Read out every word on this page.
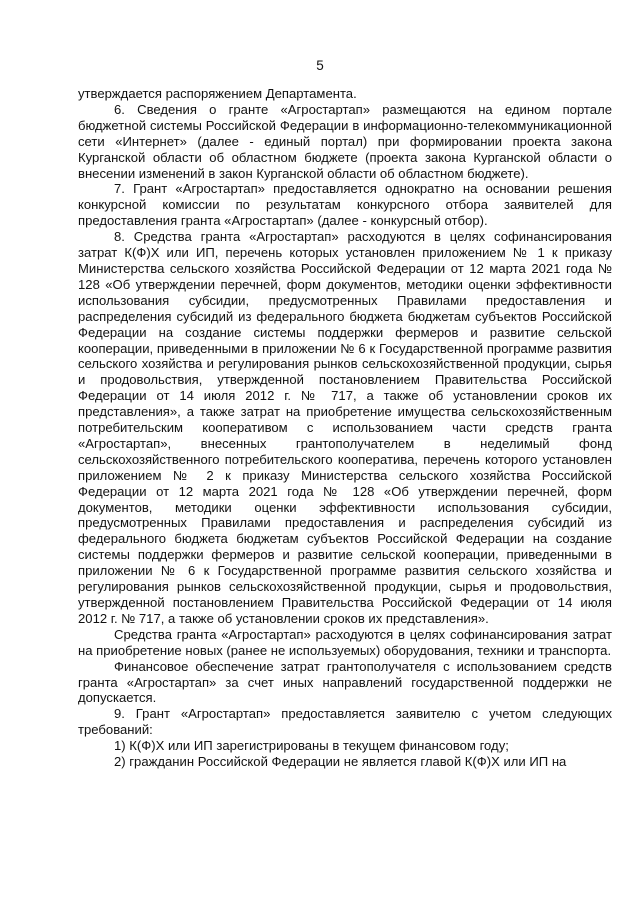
5

утверждается распоряжением Департамента.

6. Сведения о гранте «Агростартап» размещаются на едином портале бюджетной системы Российской Федерации в информационно-телекоммуникационной сети «Интернет» (далее - единый портал) при формировании проекта закона Курганской области об областном бюджете (проекта закона Курганской области о внесении изменений в закон Курганской области об областном бюджете).

7. Грант «Агростартап» предоставляется однократно на основании решения конкурсной комиссии по результатам конкурсного отбора заявителей для предоставления гранта «Агростартап» (далее - конкурсный отбор).

8. Средства гранта «Агростартап» расходуются в целях софинансирования затрат К(Ф)Х или ИП, перечень которых установлен приложением № 1 к приказу Министерства сельского хозяйства Российской Федерации от 12 марта 2021 года № 128 «Об утверждении перечней, форм документов, методики оценки эффективности использования субсидии, предусмотренных Правилами предоставления и распределения субсидий из федерального бюджета бюджетам субъектов Российской Федерации на создание системы поддержки фермеров и развитие сельской кооперации, приведенными в приложении № 6 к Государственной программе развития сельского хозяйства и регулирования рынков сельскохозяйственной продукции, сырья и продовольствия, утвержденной постановлением Правительства Российской Федерации от 14 июля 2012 г. № 717, а также об установлении сроков их представления», а также затрат на приобретение имущества сельскохозяйственным потребительским кооперативом с использованием части средств гранта «Агростартап», внесенных грантополучателем в неделимый фонд сельскохозяйственного потребительского кооператива, перечень которого установлен приложением № 2 к приказу Министерства сельского хозяйства Российской Федерации от 12 марта 2021 года № 128 «Об утверждении перечней, форм документов, методики оценки эффективности использования субсидии, предусмотренных Правилами предоставления и распределения субсидий из федерального бюджета бюджетам субъектов Российской Федерации на создание системы поддержки фермеров и развитие сельской кооперации, приведенными в приложении № 6 к Государственной программе развития сельского хозяйства и регулирования рынков сельскохозяйственной продукции, сырья и продовольствия, утвержденной постановлением Правительства Российской Федерации от 14 июля 2012 г. № 717, а также об установлении сроков их представления».

Средства гранта «Агростартап» расходуются в целях софинансирования затрат на приобретение новых (ранее не используемых) оборудования, техники и транспорта.

Финансовое обеспечение затрат грантополучателя с использованием средств гранта «Агростартап» за счет иных направлений государственной поддержки не допускается.

9. Грант «Агростартап» предоставляется заявителю с учетом следующих требований:

1) К(Ф)Х или ИП зарегистрированы в текущем финансовом году;

2) гражданин Российской Федерации не является главой К(Ф)Х или ИП на
